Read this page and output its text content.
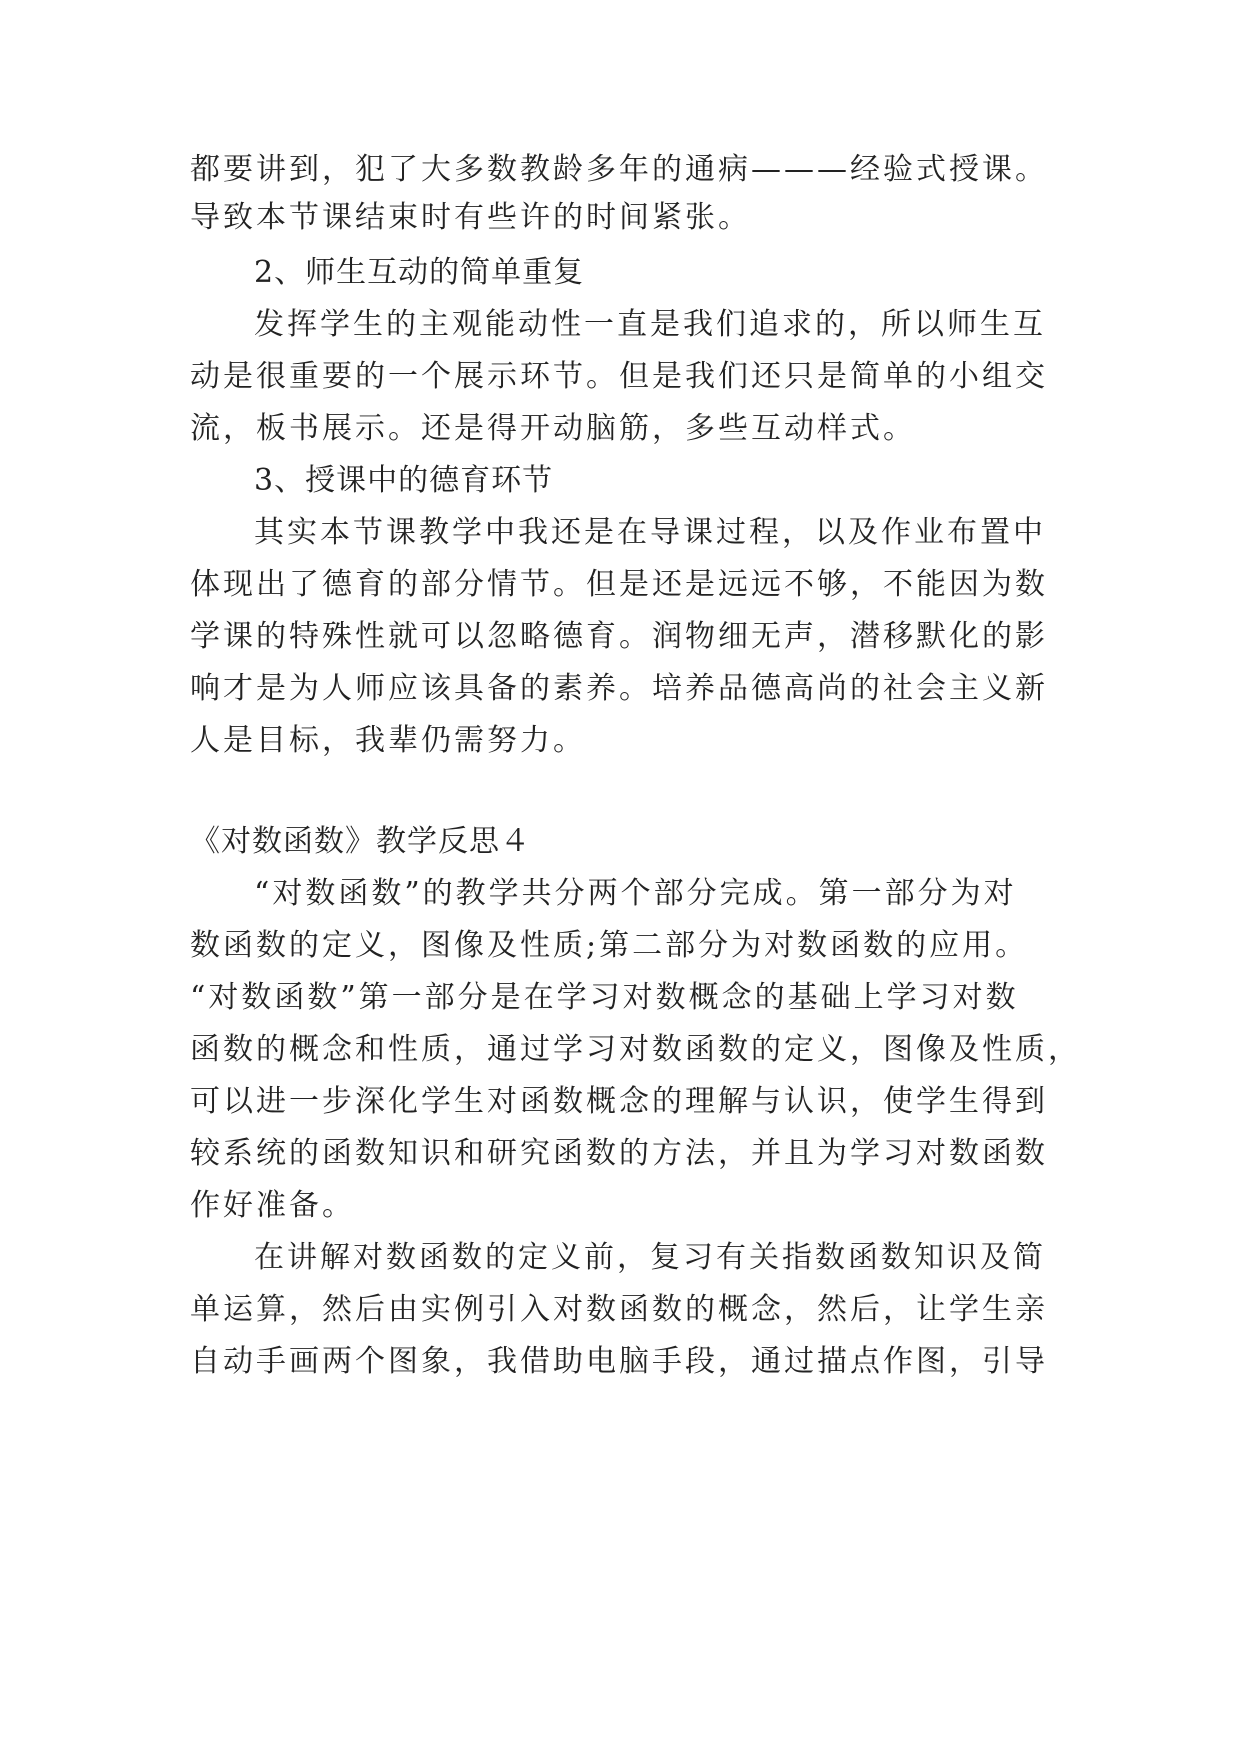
都要讲到，犯了大多数教龄多年的通病———经验式授课。
导致本节课结束时有些许的时间紧张。
2、师生互动的简单重复
发挥学生的主观能动性一直是我们追求的，所以师生互
动是很重要的一个展示环节。但是我们还只是简单的小组交
流，板书展示。还是得开动脑筋，多些互动样式。
3、授课中的德育环节
其实本节课教学中我还是在导课过程，以及作业布置中
体现出了德育的部分情节。但是还是远远不够，不能因为数
学课的特殊性就可以忽略德育。润物细无声，潜移默化的影
响才是为人师应该具备的素养。培养品德高尚的社会主义新
人是目标，我辈仍需努力。
《对数函数》教学反思４
“对数函数”的教学共分两个部分完成。第一部分为对
数函数的定义，图像及性质;第二部分为对数函数的应用。
“对数函数”第一部分是在学习对数概念的基础上学习对数
函数的概念和性质，通过学习对数函数的定义，图像及性质，
可以进一步深化学生对函数概念的理解与认识，使学生得到
较系统的函数知识和研究函数的方法，并且为学习对数函数
作好准备。
在讲解对数函数的定义前，复习有关指数函数知识及简
单运算，然后由实例引入对数函数的概念，然后，让学生亲
自动手画两个图象，我借助电脑手段，通过描点作图，引导
